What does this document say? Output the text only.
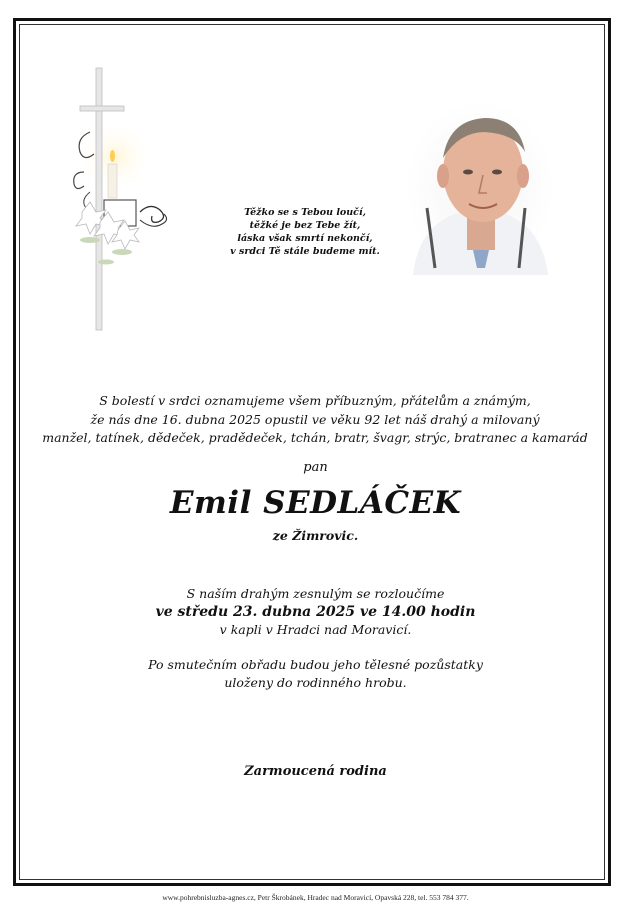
Těžko se s Tebou loučí,
těžké je bez Tebe žít,
láska však smrtí nekončí,
v srdci Tě stále budeme mít.
S bolestí v srdci oznamujeme všem příbuzným, přátelům a známým,
že nás dne 16. dubna 2025 opustil ve věku 92 let náš drahý a milovaný
manžel, tatínek, dědeček, pradědeček, tchán, bratr, švagr, strýc, bratranec a kamarád
pan
Emil SEDLÁČEK
ze Žimrovic.
S naším drahým zesnulým se rozloučíme
ve středu 23. dubna 2025 ve 14.00 hodin
v kapli v Hradci nad Moravicí.
Po smutečním obřadu budou jeho tělesné pozůstatky
uloženy do rodinného hrobu.
Zarmoucená rodina
www.pohrebnisluzba-agnes.cz, Petr Škrobánek, Hradec nad Moravicí, Opavská 228, tel. 553 784 377.
